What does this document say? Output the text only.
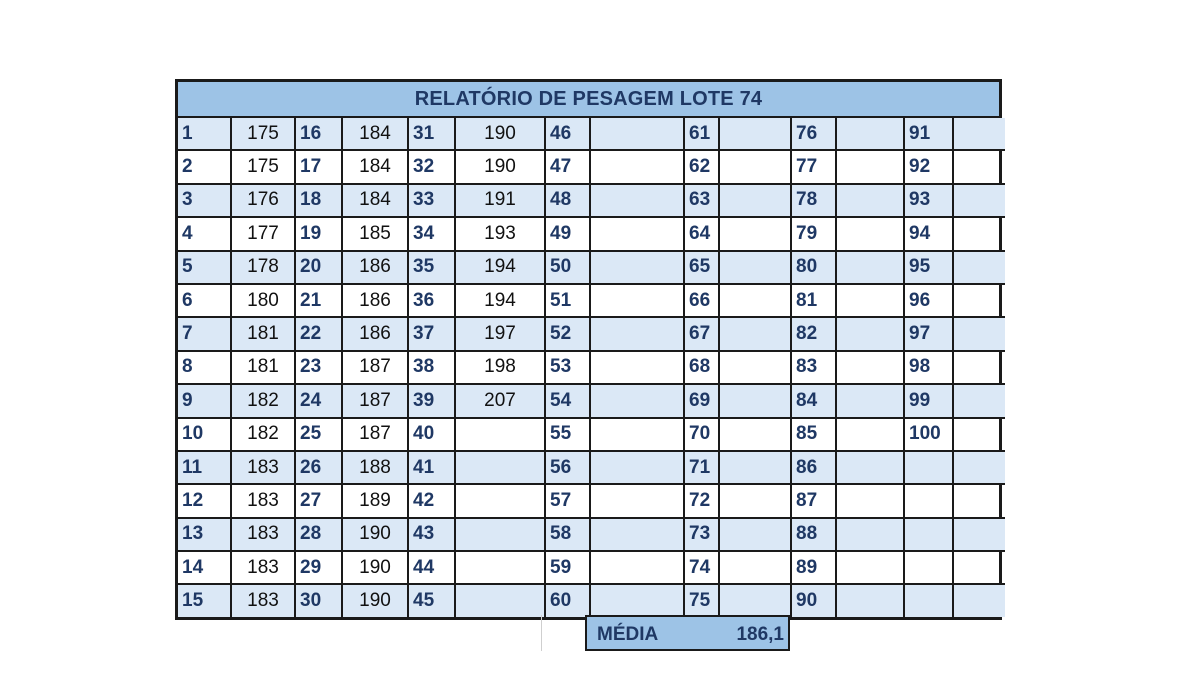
RELATÓRIO DE PESAGEM LOTE 74
1	175	16	184	31	190	46		61		76		91	
2	175	17	184	32	190	47		62		77		92	
3	176	18	184	33	191	48		63		78		93	
4	177	19	185	34	193	49		64		79		94	
5	178	20	186	35	194	50		65		80		95	
6	180	21	186	36	194	51		66		81		96	
7	181	22	186	37	197	52		67		82		97	
8	181	23	187	38	198	53		68		83		98	
9	182	24	187	39	207	54		69		84		99	
10	182	25	187	40		55		70		85		100	
11	183	26	188	41		56		71		86			
12	183	27	189	42		57		72		87			
13	183	28	190	43		58		73		88			
14	183	29	190	44		59		74		89			
15	183	30	190	45		60		75		90			
MÉDIA	186,1
